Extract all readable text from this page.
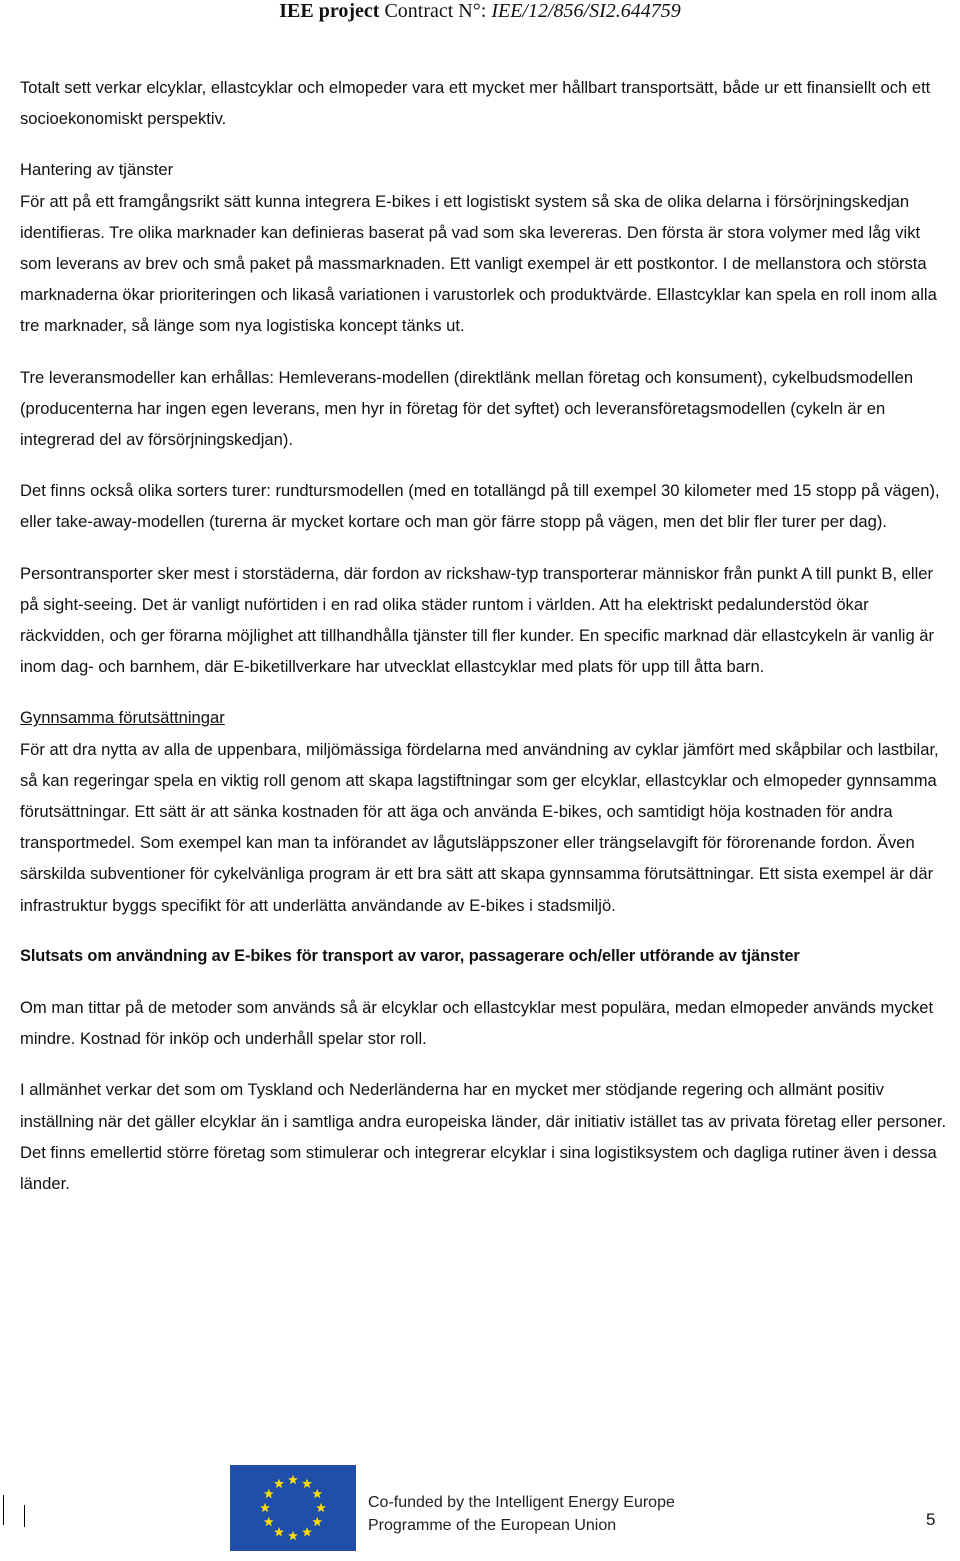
IEE project Contract N°: IEE/12/856/SI2.644759

Totalt sett verkar elcyklar, ellastcyklar och elmopeder vara ett mycket mer hållbart transportsätt, både ur ett finansiellt och ett socioekonomiskt perspektiv.

Hantering av tjänster

För att på ett framgångsrikt sätt kunna integrera E-bikes i ett logistiskt system så ska de olika delarna i försörjningskedjan identifieras. Tre olika marknader kan definieras baserat på vad som ska levereras. Den första är stora volymer med låg vikt som leverans av brev och små paket på massmarknaden. Ett vanligt exempel är ett postkontor. I de mellanstora och största marknaderna ökar prioriteringen och likaså variationen i varustorlek och produktvärde. Ellastcyklar kan spela en roll inom alla tre marknader, så länge som nya logistiska koncept tänks ut.

Tre leveransmodeller kan erhållas: Hemleverans-modellen (direktlänk mellan företag och konsument), cykelbudsmodellen (producenterna har ingen egen leverans, men hyr in företag för det syftet) och leveransföretagsmodellen (cykeln är en integrerad del av försörjningskedjan).

Det finns också olika sorters turer: rundtursmodellen (med en totallängd på till exempel 30 kilometer med 15 stopp på vägen), eller take-away-modellen (turerna är mycket kortare och man gör färre stopp på vägen, men det blir fler turer per dag).

Persontransporter sker mest i storstäderna, där fordon av rickshaw-typ transporterar människor från punkt A till punkt B, eller på sight-seeing. Det är vanligt nuförtiden i en rad olika städer runtom i världen. Att ha elektriskt pedalunderstöd ökar räckvidden, och ger förarna möjlighet att tillhandhålla tjänster till fler kunder. En specific marknad där ellastcykeln är vanlig är inom dag- och barnhem, där E-biketillverkare har utvecklat ellastcyklar med plats för upp till åtta barn.

Gynnsamma förutsättningar

För att dra nytta av alla de uppenbara, miljömässiga fördelarna med användning av cyklar jämfört med skåpbilar och lastbilar, så kan regeringar spela en viktig roll genom att skapa lagstiftningar som ger elcyklar, ellastcyklar och elmopeder gynnsamma förutsättningar. Ett sätt är att sänka kostnaden för att äga och använda E-bikes, och samtidigt höja kostnaden för andra transportmedel. Som exempel kan man ta införandet av lågutsläppszoner eller trängselavgift för förorenande fordon. Även särskilda subventioner för cykelvänliga program är ett bra sätt att skapa gynnsamma förutsättningar. Ett sista exempel är där infrastruktur byggs specifikt för att underlätta användande av E-bikes i stadsmiljö.

Slutsats om användning av E-bikes för transport av varor, passagerare och/eller utförande av tjänster

Om man tittar på de metoder som används så är elcyklar och ellastcyklar mest populära, medan elmopeder används mycket mindre. Kostnad för inköp och underhåll spelar stor roll.

I allmänhet verkar det som om Tyskland och Nederländerna har en mycket mer stödjande regering och allmänt positiv inställning när det gäller elcyklar än i samtliga andra europeiska länder, där initiativ istället tas av privata företag eller personer. Det finns emellertid större företag som stimulerar och integrerar elcyklar i sina logistiksystem och dagliga rutiner även i dessa länder.

Co-funded by the Intelligent Energy Europe
Programme of the European Union	5
